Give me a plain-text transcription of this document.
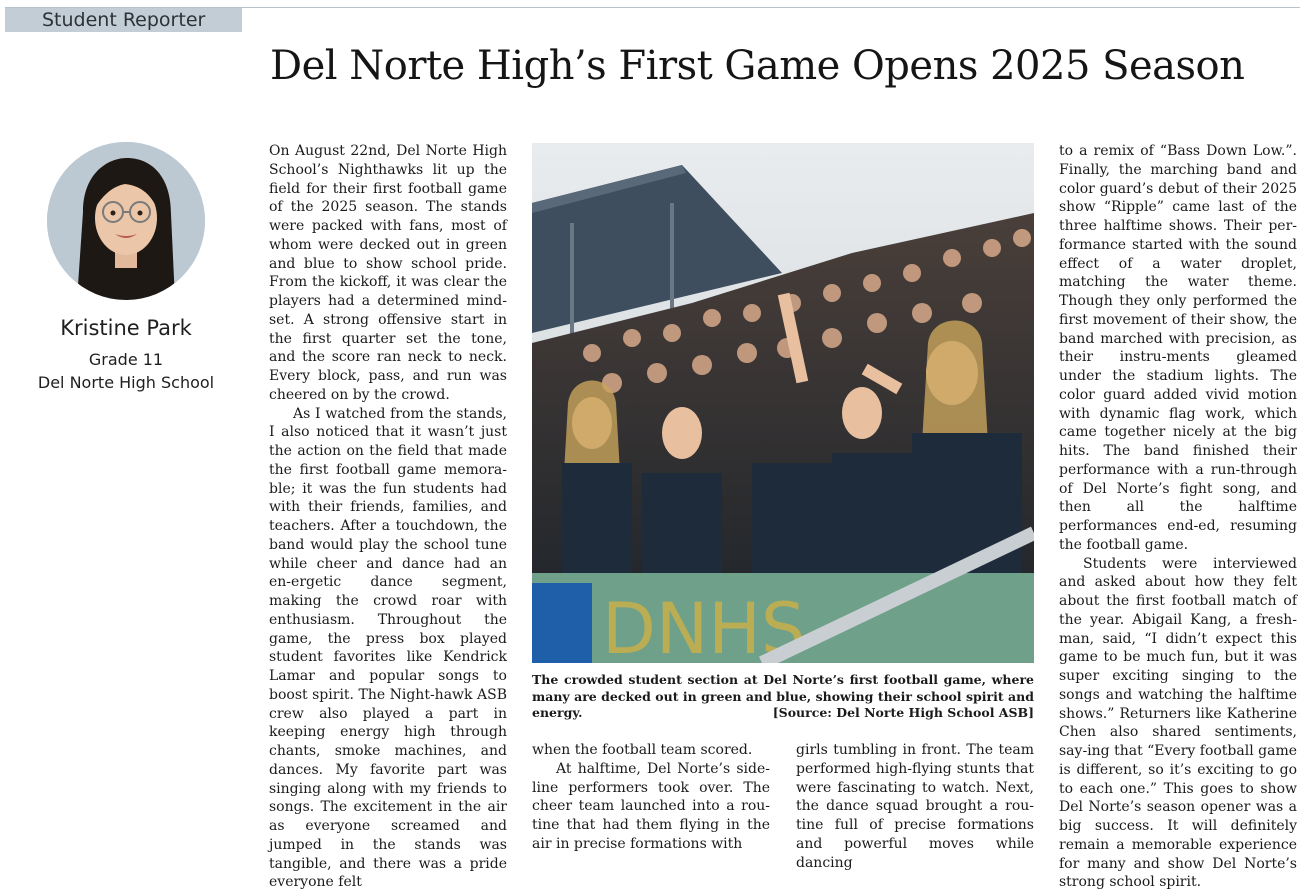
Student Reporter
Del Norte High’s First Game Opens 2025 Season
Kristine Park
Grade 11
Del Norte High School

On August 22nd, Del Norte High School’s Nighthawks lit up the field for their first football game of the 2025 season. The stands were packed with fans, most of whom were decked out in green and blue to show school pride. From the kickoff, it was clear the players had a determined mind-set. A strong offensive start in the first quarter set the tone, and the score ran neck to neck. Every block, pass, and run was cheered on by the crowd.

As I watched from the stands, I also noticed that it wasn’t just the action on the field that made the first football game memora-ble; it was the fun students had with their friends, families, and teachers. After a touchdown, the band would play the school tune while cheer and dance had an en-ergetic dance segment, making the crowd roar with enthusiasm. Throughout the game, the press box played student favorites like Kendrick Lamar and popular songs to boost spirit. The Night-hawk ASB crew also played a part in keeping energy high through chants, smoke machines, and dances. My favorite part was singing along with my friends to songs. The excitement in the air as everyone screamed and jumped in the stands was tangible, and there was a pride everyone felt

DNHS
The crowded student section at Del Norte’s first football game, where many are decked out in green and blue, showing their school spirit and energy.	[Source: Del Norte High School ASB]

when the football team scored.

At halftime, Del Norte’s side-line performers took over. The cheer team launched into a rou-tine that had them flying in the air in precise formations with

girls tumbling in front. The team performed high-flying stunts that were fascinating to watch. Next, the dance squad brought a rou-tine full of precise formations and powerful moves while dancing

to a remix of “Bass Down Low.”. Finally, the marching band and color guard’s debut of their 2025 show “Ripple” came last of the three halftime shows. Their per-formance started with the sound effect of a water droplet, matching the water theme. Though they only performed the first movement of their show, the band marched with precision, as their instru-ments gleamed under the stadium lights. The color guard added vivid motion with dynamic flag work, which came together nicely at the big hits. The band finished their performance with a run-through of Del Norte’s fight song, and then all the halftime performances end-ed, resuming the football game.

Students were interviewed and asked about how they felt about the first football match of the year. Abigail Kang, a fresh-man, said, “I didn’t expect this game to be much fun, but it was super exciting singing to the songs and watching the halftime shows.” Returners like Katherine Chen also shared sentiments, say-ing that “Every football game is different, so it’s exciting to go to each one.” This goes to show Del Norte’s season opener was a big success. It will definitely remain a memorable experience for many and show Del Norte’s strong school spirit.
